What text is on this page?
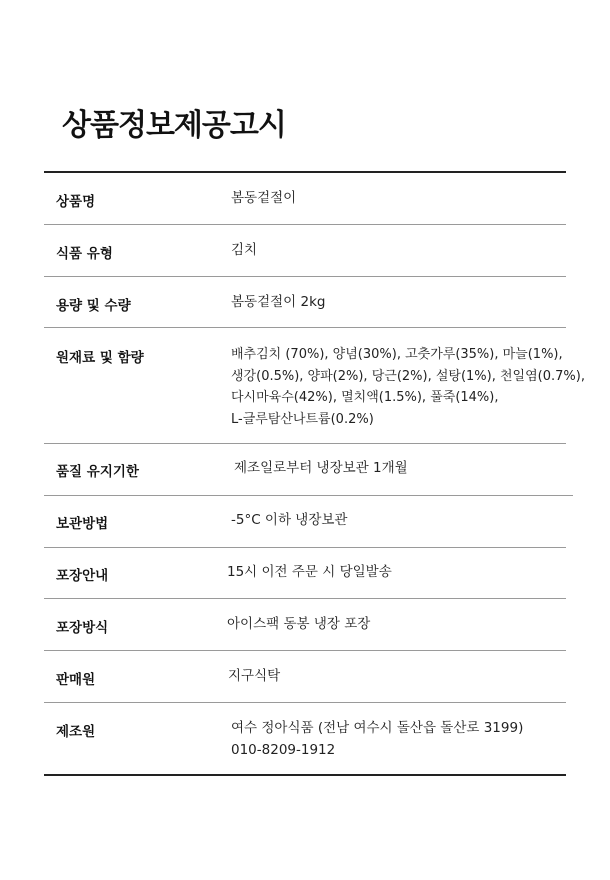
상품정보제공고시
상품명	봄동겉절이
식품 유형	김치
용량 및 수량	봄동겉절이 2kg
원재료 및 함량	배추김치 (70%), 양념(30%), 고춧가루(35%), 마늘(1%),
생강(0.5%), 양파(2%), 당근(2%), 설탕(1%), 천일염(0.7%),
다시마육수(42%), 멸치액(1.5%), 풀죽(14%),
L-글루탐산나트륨(0.2%)
품질 유지기한	제조일로부터 냉장보관 1개월
보관방법	-5°C 이하 냉장보관
포장안내	15시 이전 주문 시 당일발송
포장방식	아이스팩 동봉 냉장 포장
판매원	지구식탁
제조원	여수 정아식품 (전남 여수시 돌산읍 돌산로 3199)
010-8209-1912
